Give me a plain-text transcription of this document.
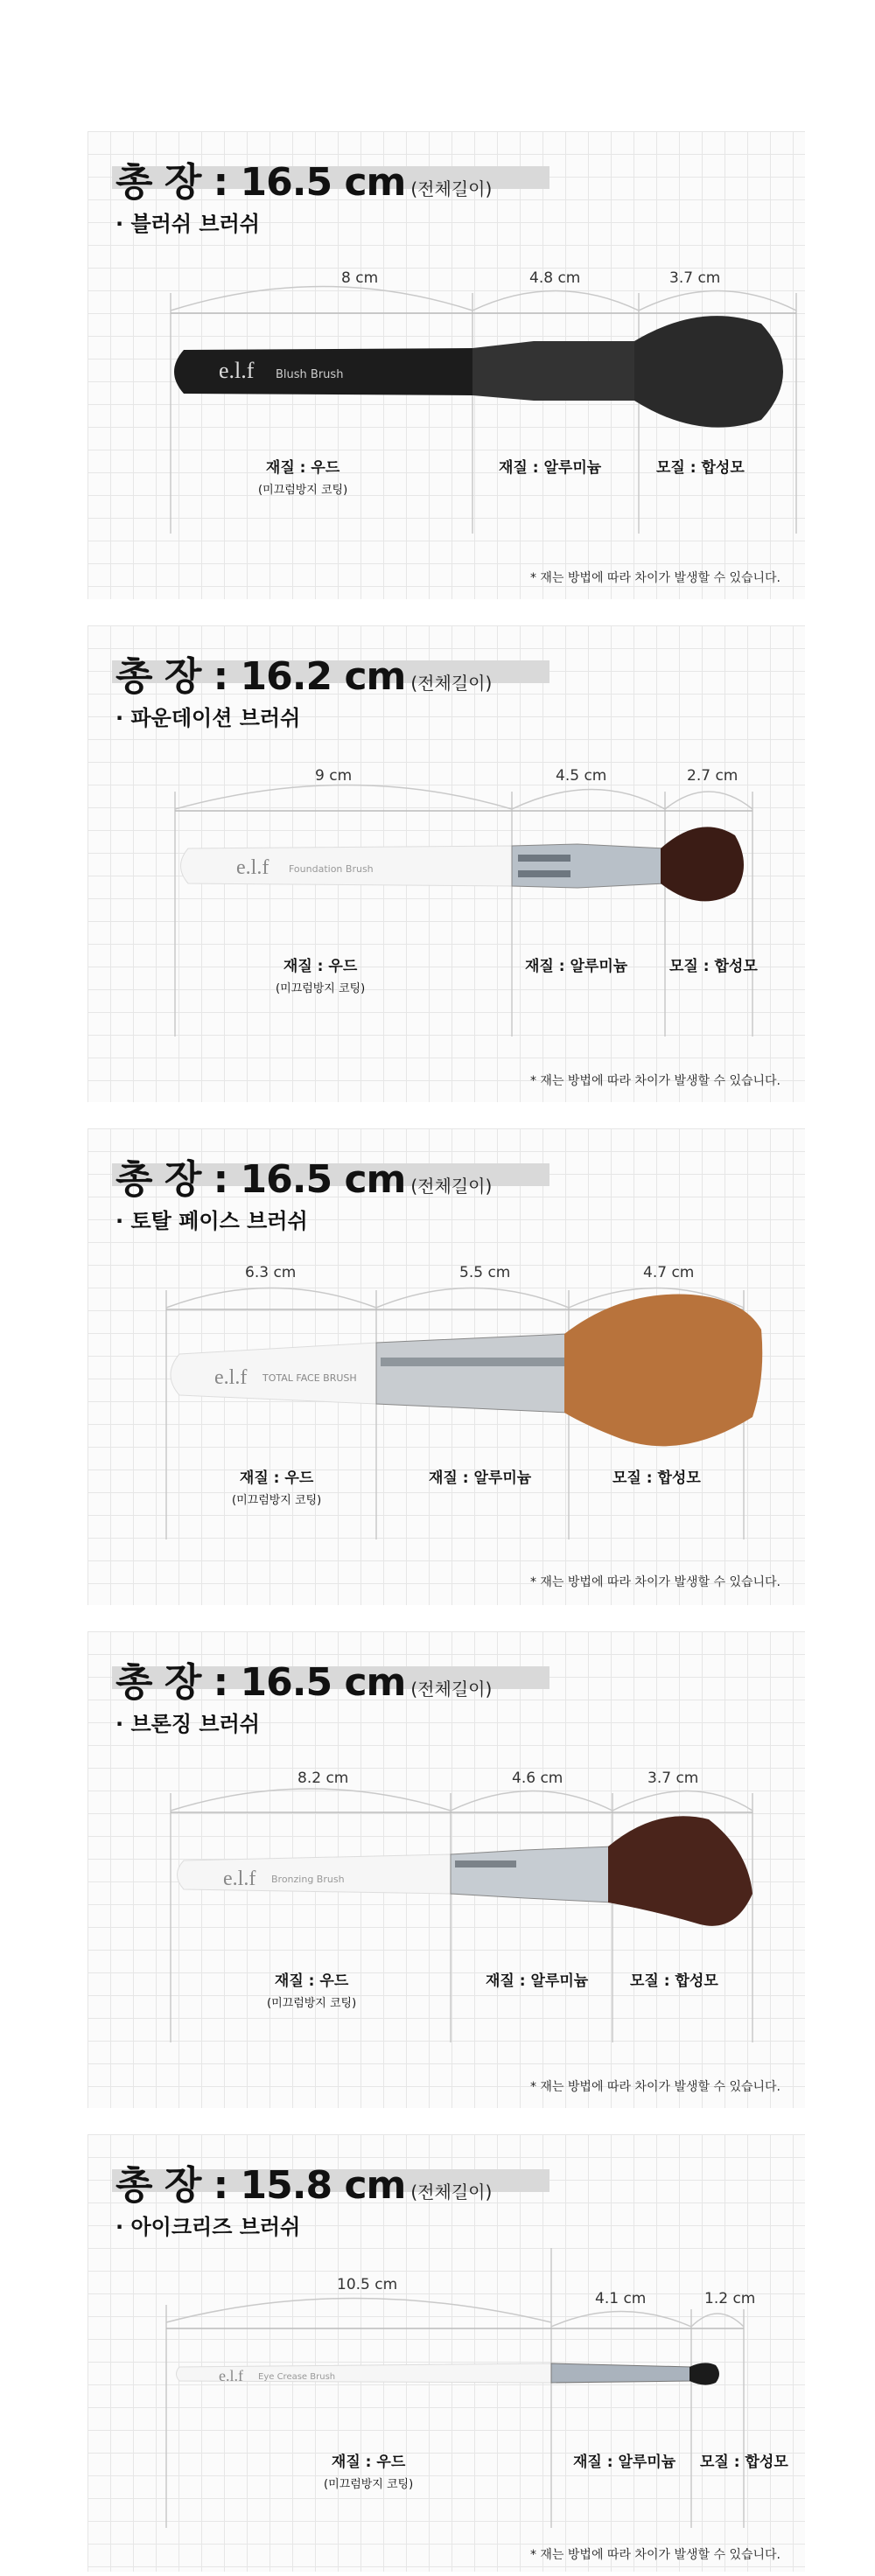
총 장 : 16.5 cm (전체길이)
· 블러쉬 브러쉬
8 cm	4.8 cm	3.7 cm
e.l.f Blush Brush
재질 : 우드
(미끄럼방지 코팅)
재질 : 알루미늄	모질 : 합성모
* 재는 방법에 따라 차이가 발생할 수 있습니다.
총 장 : 16.2 cm (전체길이)
· 파운데이션 브러쉬
9 cm	4.5 cm	2.7 cm
e.l.f Foundation Brush
재질 : 우드
(미끄럼방지 코팅)
재질 : 알루미늄	모질 : 합성모
* 재는 방법에 따라 차이가 발생할 수 있습니다.
총 장 : 16.5 cm (전체길이)
· 토탈 페이스 브러쉬
6.3 cm	5.5 cm	4.7 cm
e.l.f TOTAL FACE BRUSH
재질 : 우드
(미끄럼방지 코팅)
재질 : 알루미늄	모질 : 합성모
* 재는 방법에 따라 차이가 발생할 수 있습니다.
총 장 : 16.5 cm (전체길이)
· 브론징 브러쉬
8.2 cm	4.6 cm	3.7 cm
e.l.f Bronzing Brush
재질 : 우드
(미끄럼방지 코팅)
재질 : 알루미늄	모질 : 합성모
* 재는 방법에 따라 차이가 발생할 수 있습니다.
총 장 : 15.8 cm (전체길이)
· 아이크리즈 브러쉬
10.5 cm
4.1 cm	1.2 cm
e.l.f Eye Crease Brush
재질 : 우드
(미끄럼방지 코팅)
재질 : 알루미늄 모질 : 합성모
* 재는 방법에 따라 차이가 발생할 수 있습니다.
